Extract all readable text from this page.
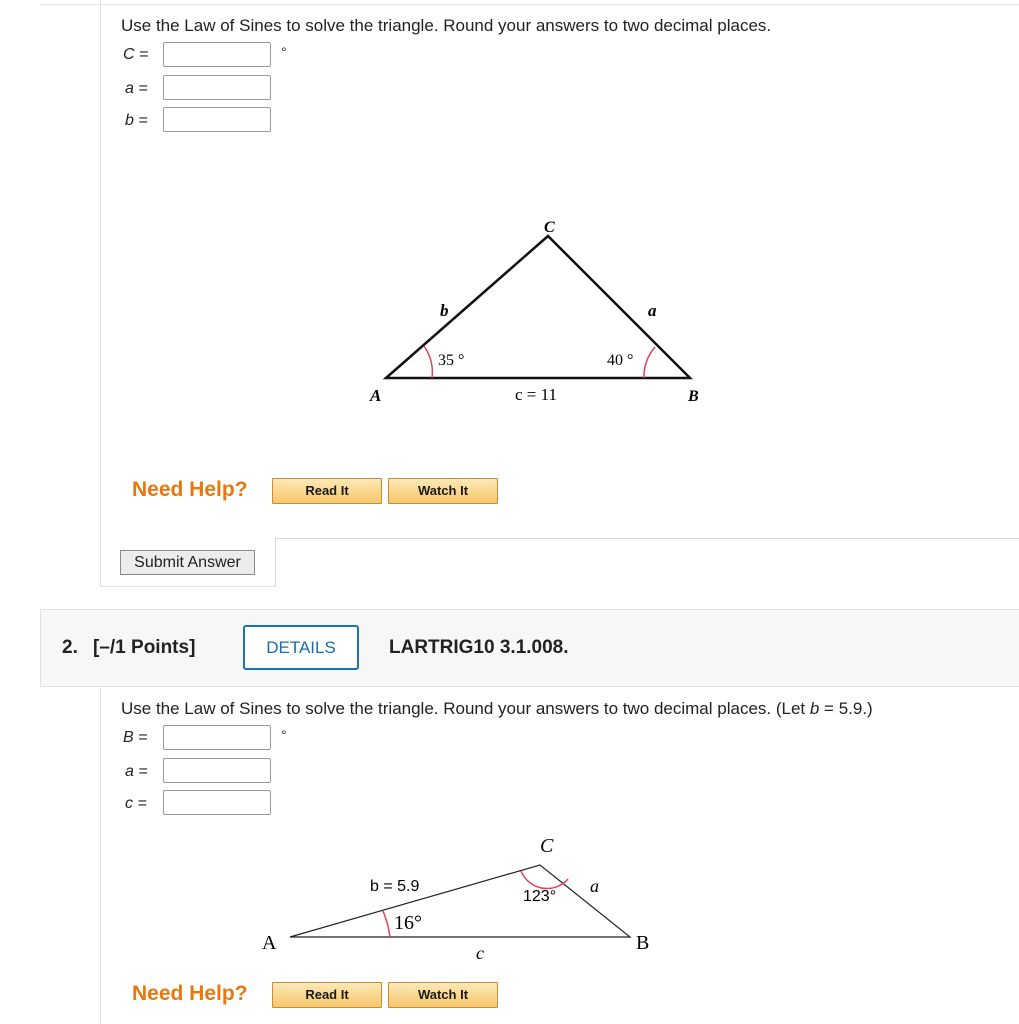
Use the Law of Sines to solve the triangle. Round your answers to two decimal places.
C =	°
a =
b =
A	B
C
b	a
c = 11
35 °	40 °
Need Help?	Read It	Watch It
Submit Answer
2. [–/1 Points]	DETAILS	LARTRIG10 3.1.008.
Use the Law of Sines to solve the triangle. Round your answers to two decimal places. (Let b = 5.9.)
B =	°
a =
c =
A	B
C
a
c
b = 5.9
123°
16°
Need Help?	Read It	Watch It
